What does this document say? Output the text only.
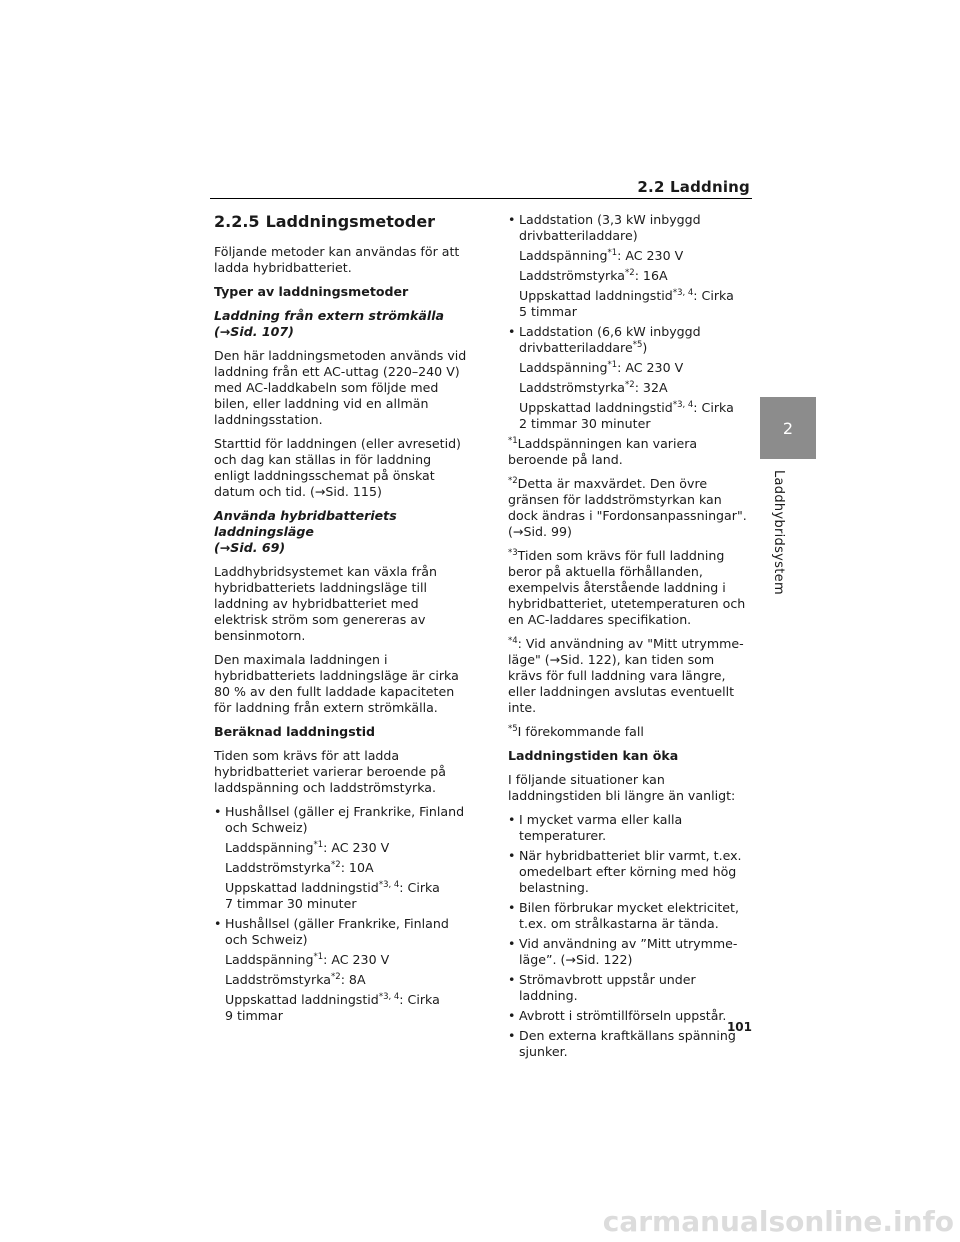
2.2 Laddning
2.2.5 Laddningsmetoder

Följande metoder kan användas för att ladda hybridbatteriet.

Typer av laddningsmetoder

Laddning från extern strömkälla
(→Sid. 107)

Den här laddningsmetoden används vid laddning från ett AC-uttag (220–240 V) med AC-laddkabeln som följde med bilen, eller laddning vid en allmän laddningsstation.

Starttid för laddningen (eller avresetid) och dag kan ställas in för laddning enligt laddningsschemat på önskat datum och tid. (→Sid. 115)

Använda hybridbatteriets laddningsläge
(→Sid. 69)

Laddhybridsystemet kan växla från hybridbatteriets laddningsläge till laddning av hybridbatteriet med elektrisk ström som genereras av bensinmotorn.

Den maximala laddningen i hybridbatteriets laddningsläge är cirka 80 % av den fullt laddade kapaciteten för laddning från extern strömkälla.

Beräknad laddningstid

Tiden som krävs för att ladda hybridbatteriet varierar beroende på laddspänning och laddströmstyrka.

• Hushållsel (gäller ej Frankrike, Finland och Schweiz)
Laddspänning$^{*1}$: AC 230 V
Laddströmstyrka$^{*2}$: 10A
Uppskattad laddningstid$^{*3, 4}$: Cirka
7 timmar 30 minuter
• Hushållsel (gäller Frankrike, Finland och Schweiz)
Laddspänning$^{*1}$: AC 230 V
Laddströmstyrka$^{*2}$: 8A
Uppskattad laddningstid$^{*3, 4}$: Cirka
9 timmar
• Laddstation (3,3 kW inbyggd drivbatteriladdare)
Laddspänning$^{*1}$: AC 230 V
Laddströmstyrka$^{*2}$: 16A
Uppskattad laddningstid$^{*3, 4}$: Cirka
5 timmar
• Laddstation (6,6 kW inbyggd drivbatteriladdare$^{*5}$)
Laddspänning$^{*1}$: AC 230 V
Laddströmstyrka$^{*2}$: 32A
Uppskattad laddningstid$^{*3, 4}$: Cirka
2 timmar 30 minuter

$^{*1}$Laddspänningen kan variera beroende på land.

$^{*2}$Detta är maxvärdet. Den övre gränsen för laddströmstyrkan kan dock ändras i "Fordonsanpassningar". (→Sid. 99)

$^{*3}$Tiden som krävs för full laddning beror på aktuella förhållanden, exempelvis återstående laddning i hybridbatteriet, utetemperaturen och en AC-laddares specifikation.

$^{*4}$: Vid användning av "Mitt utrymme-läge" (→Sid. 122), kan tiden som krävs för full laddning vara längre, eller laddningen avslutas eventuellt inte.

$^{*5}$I förekommande fall

Laddningstiden kan öka

I följande situationer kan laddningstiden bli längre än vanligt:

• I mycket varma eller kalla temperaturer.
• När hybridbatteriet blir varmt, t.ex. omedelbart efter körning med hög belastning.
• Bilen förbrukar mycket elektricitet, t.ex. om strålkastarna är tända.
• Vid användning av ”Mitt utrymme-läge”. (→Sid. 122)
• Strömavbrott uppstår under laddning.
• Avbrott i strömtillförseln uppstår.
• Den externa kraftkällans spänning sjunker.
2
Laddhybridsystem
101
carmanualsonline.info
